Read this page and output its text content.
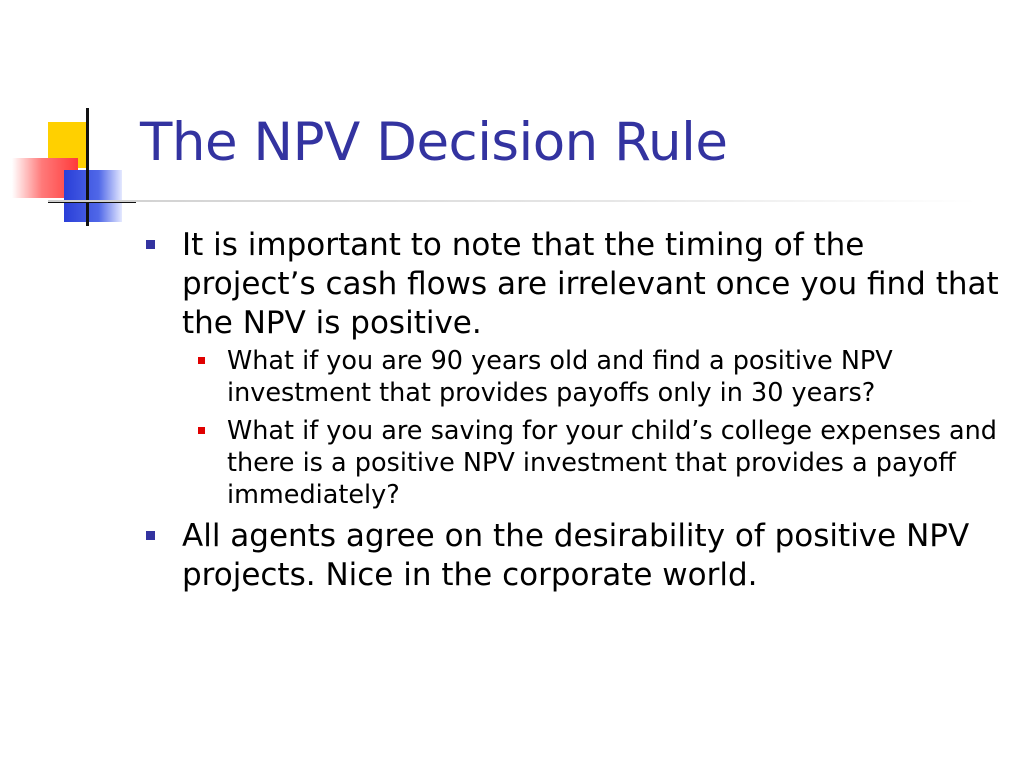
The NPV Decision Rule
It is important to note that the timing of the project’s cash flows are irrelevant once you find that the NPV is positive.
What if you are 90 years old and find a positive NPV investment that provides payoffs only in 30 years?
What if you are saving for your child’s college expenses and there is a positive NPV investment that provides a payoff immediately?
All agents agree on the desirability of positive NPV projects. Nice in the corporate world.
